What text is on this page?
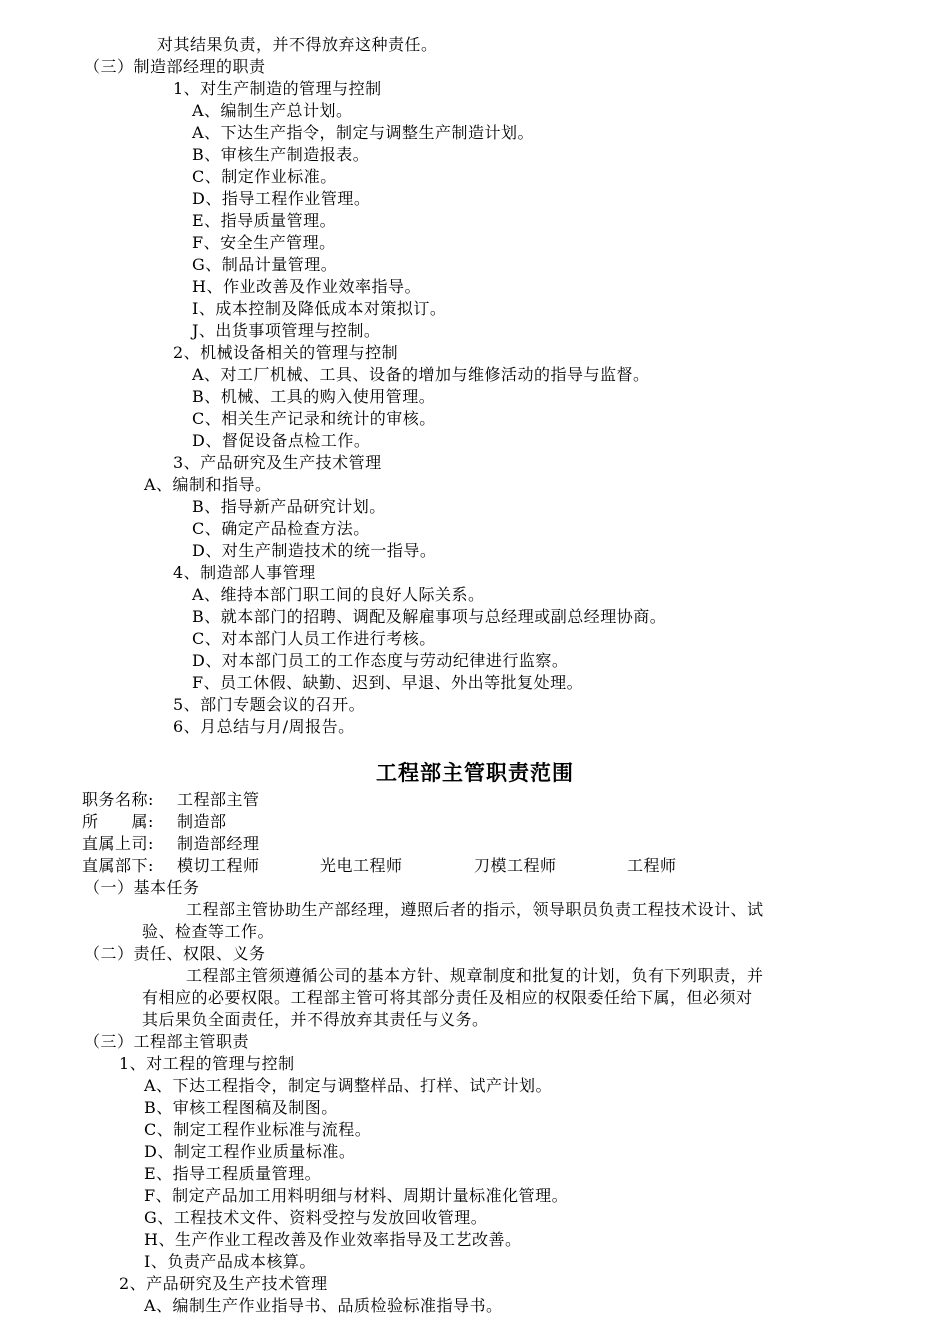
对其结果负责，并不得放弃这种责任。
（三）制造部经理的职责
1、对生产制造的管理与控制
A、编制生产总计划。
A、下达生产指令，制定与调整生产制造计划。
B、审核生产制造报表。
C、制定作业标准。
D、指导工程作业管理。
E、指导质量管理。
F、安全生产管理。
G、制品计量管理。
H、作业改善及作业效率指导。
I、成本控制及降低成本对策拟订。
J、出货事项管理与控制。
2、机械设备相关的管理与控制
A、对工厂机械、工具、设备的增加与维修活动的指导与监督。
B、机械、工具的购入使用管理。
C、相关生产记录和统计的审核。
D、督促设备点检工作。
3、产品研究及生产技术管理
A、编制和指导。
B、指导新产品研究计划。
C、确定产品检查方法。
D、对生产制造技术的统一指导。
4、制造部人事管理
A、维持本部门职工间的良好人际关系。
B、就本部门的招聘、调配及解雇事项与总经理或副总经理协商。
C、对本部门人员工作进行考核。
D、对本部门员工的工作态度与劳动纪律进行监察。
F、员工休假、缺勤、迟到、早退、外出等批复处理。
5、部门专题会议的召开。
6、月总结与月/周报告。
工程部主管职责范围
职务名称: 工程部主管
所　　属: 制造部
直属上司: 制造部经理
直属部下: 模切工程师	光电工程师	刀模工程师	工程师
（一）基本任务
工程部主管协助生产部经理，遵照后者的指示，领导职员负责工程技术设计、试
验、检查等工作。
（二）责任、权限、义务
工程部主管须遵循公司的基本方针、规章制度和批复的计划，负有下列职责，并
有相应的必要权限。工程部主管可将其部分责任及相应的权限委任给下属，但必须对
其后果负全面责任，并不得放弃其责任与义务。
（三）工程部主管职责
1、对工程的管理与控制
A、下达工程指令，制定与调整样品、打样、试产计划。
B、审核工程图稿及制图。
C、制定工程作业标准与流程。
D、制定工程作业质量标准。
E、指导工程质量管理。
F、制定产品加工用料明细与材料、周期计量标准化管理。
G、工程技术文件、资料受控与发放回收管理。
H、生产作业工程改善及作业效率指导及工艺改善。
I、负责产品成本核算。
2、产品研究及生产技术管理
A、编制生产作业指导书、品质检验标准指导书。
